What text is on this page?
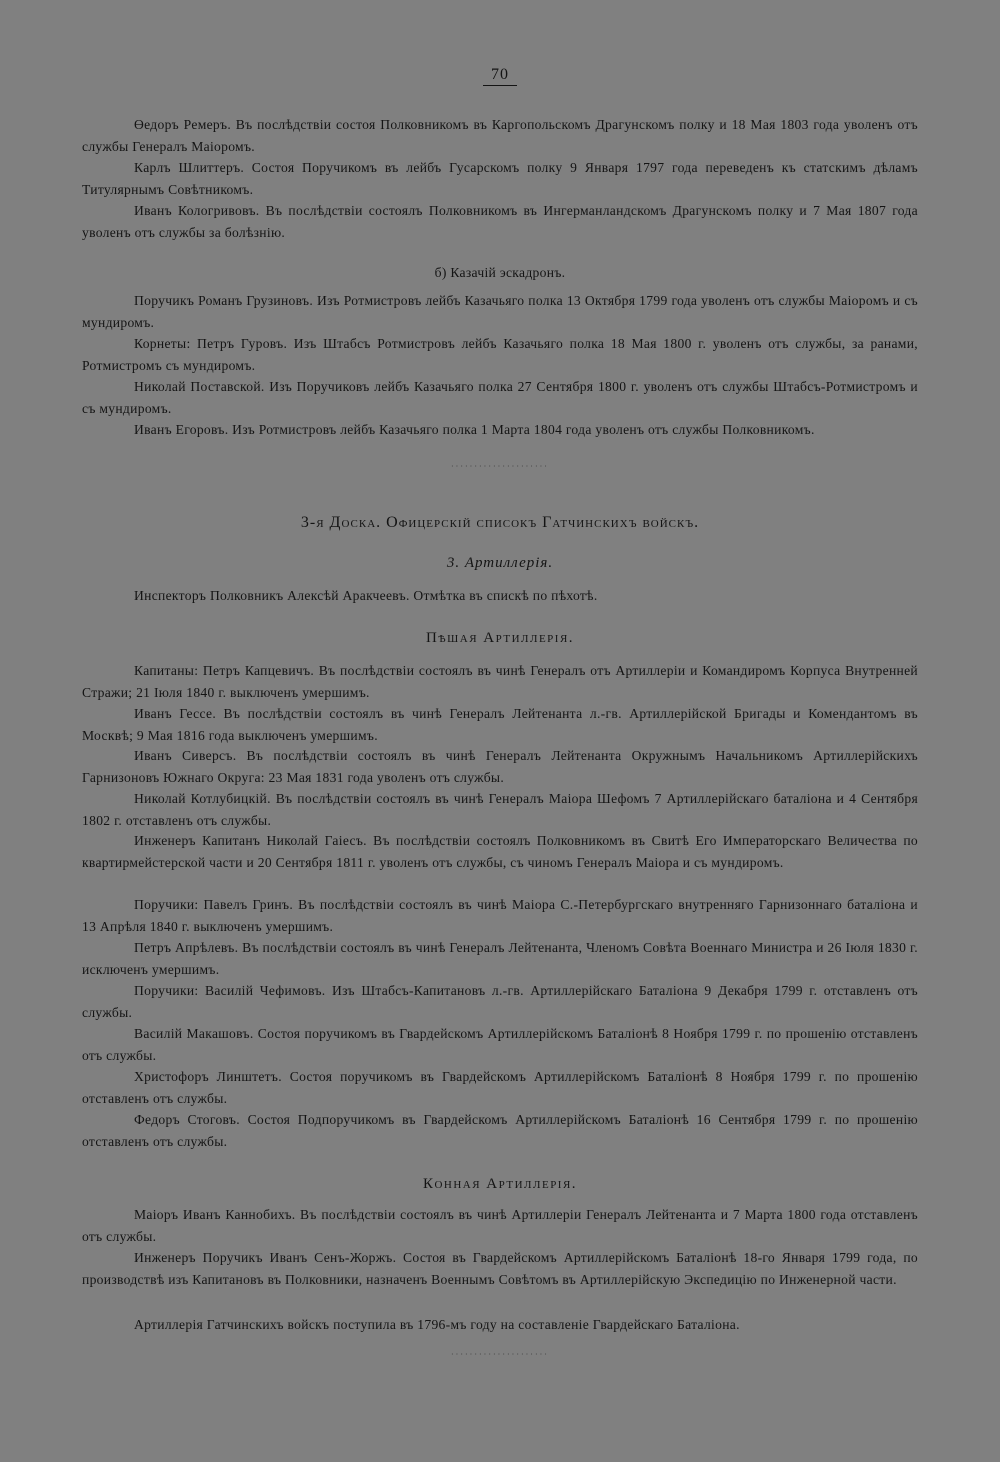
70

Өедоръ Ремеръ. Въ послѣдствіи состоя Полковникомъ въ Каргопольскомъ Драгунскомъ полку и 18 Мая 1803 года уволенъ отъ службы Генералъ Маіоромъ.

Карлъ Шлиттеръ. Состоя Поручикомъ въ лейбъ Гусарскомъ полку 9 Января 1797 года переведенъ къ статскимъ дѣламъ Титулярнымъ Совѣтникомъ.

Иванъ Кологривовъ. Въ послѣдствіи состоялъ Полковникомъ въ Ингерманландскомъ Драгунскомъ полку и 7 Мая 1807 года уволенъ отъ службы за болѣзнію.

б) Казачій эскадронъ.

Поручикъ Романъ Грузиновъ. Изъ Ротмистровъ лейбъ Казачьяго полка 13 Октября 1799 года уволенъ отъ службы Маіоромъ и съ мундиромъ.

Корнеты: Петръ Гуровъ. Изъ Штабсъ Ротмистровъ лейбъ Казачьяго полка 18 Мая 1800 г. уволенъ отъ службы, за ранами, Ротмистромъ съ мундиромъ.

Николай Поставской. Изъ Поручиковъ лейбъ Казачьяго полка 27 Сентября 1800 г. уволенъ отъ службы Штабсъ-Ротмистромъ и съ мундиромъ.

Иванъ Егоровъ. Изъ Ротмистровъ лейбъ Казачьяго полка 1 Марта 1804 года уволенъ отъ службы Полковникомъ.

·····················
3-я Доска. Офицерскій списокъ Гатчинскихъ войскъ.
3. Артиллерія.

Инспекторъ Полковникъ Алексѣй Аракчеевъ. Отмѣтка въ спискѣ по пѣхотѣ.

Пѣшая Артиллерія.

Капитаны: Петръ Капцевичъ. Въ послѣдствіи состоялъ въ чинѣ Генералъ отъ Артиллеріи и Командиромъ Корпуса Внутренней Стражи; 21 Іюля 1840 г. выключенъ умершимъ.

Иванъ Гессе. Въ послѣдствіи состоялъ въ чинѣ Генералъ Лейтенанта л.-гв. Артиллерійской Бригады и Комендантомъ въ Москвѣ; 9 Мая 1816 года выключенъ умершимъ.

Иванъ Сиверсъ. Въ послѣдствіи состоялъ въ чинѣ Генералъ Лейтенанта Окружнымъ Начальникомъ Артиллерійскихъ Гарнизоновъ Южнаго Округа: 23 Мая 1831 года уволенъ отъ службы.

Николай Котлубицкій. Въ послѣдствіи состоялъ въ чинѣ Генералъ Маіора Шефомъ 7 Артиллерійскаго баталіона и 4 Сентября 1802 г. отставленъ отъ службы.

Инженеръ Капитанъ Николай Гаіесъ. Въ послѣдствіи состоялъ Полковникомъ въ Свитѣ Его Императорскаго Величества по квартирмейстерской части и 20 Сентября 1811 г. уволенъ отъ службы, съ чиномъ Генералъ Маіора и съ мундиромъ.

Поручики: Павелъ Гринъ. Въ послѣдствіи состоялъ въ чинѣ Маіора С.-Петербургскаго внутренняго Гарнизоннаго баталіона и 13 Апрѣля 1840 г. выключенъ умершимъ.

Петръ Апрѣлевъ. Въ послѣдствіи состоялъ въ чинѣ Генералъ Лейтенанта, Членомъ Совѣта Военнаго Министра и 26 Іюля 1830 г. исключенъ умершимъ.

Поручики: Василій Чефимовъ. Изъ Штабсъ-Капитановъ л.-гв. Артиллерійскаго Баталіона 9 Декабря 1799 г. отставленъ отъ службы.

Василій Макашовъ. Состоя поручикомъ въ Гвардейскомъ Артиллерійскомъ Баталіонѣ 8 Ноября 1799 г. по прошенію отставленъ отъ службы.

Христофоръ Линштетъ. Состоя поручикомъ въ Гвардейскомъ Артиллерійскомъ Баталіонѣ 8 Ноября 1799 г. по прошенію отставленъ отъ службы.

Федоръ Стоговъ. Состоя Подпоручикомъ въ Гвардейскомъ Артиллерійскомъ Баталіонѣ 16 Сентября 1799 г. по прошенію отставленъ отъ службы.

Конная Артиллерія.

Маіоръ Иванъ Каннобихъ. Въ послѣдствіи состоялъ въ чинѣ Артиллеріи Генералъ Лейтенанта и 7 Марта 1800 года отставленъ отъ службы.

Инженеръ Поручикъ Иванъ Сенъ-Жоржъ. Состоя въ Гвардейскомъ Артиллерійскомъ Баталіонѣ 18-го Января 1799 года, по производствѣ изъ Капитановъ въ Полковники, назначенъ Военнымъ Совѣтомъ въ Артиллерійскую Экспедицію по Инженерной части.

Артиллерія Гатчинскихъ войскъ поступила въ 1796-мъ году на составленіе Гвардейскаго Баталіона.

·····················
